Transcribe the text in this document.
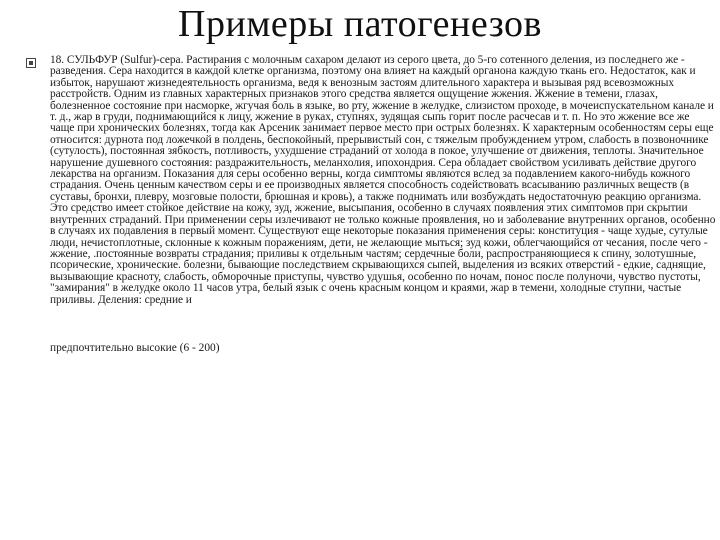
Примеры патогенезов

18. СУЛЬФУР (Sulfur)-сера. Растирания с молочным сахаром делают из серого цвета, до 5-го сотенного деления, из последнего же - разведения. Сера находится в каждой клетке организма, поэтому она влияет на каждый органона каждую ткань его. Недостаток, как и избыток, нарушают жизнедеятельность организма, ведя к венозным застоям длительного характера и вызывая ряд всевозможных расстройств. Одним из главных характерных признаков этого средства является ощущение жжения. Жжение в темени, глазах, болезненное состояние при насморке, жгучая боль в языке, во рту, жжение в желудке, слизистом проходе, в мочеиспускательном канале и т. д., жар в груди, поднимающийся к лицу, жжение в руках, ступнях, зудящая сыпь горит после расчесав и т. п. Но это жжение все же чаще при хронических болезнях, тогда как Арсеник занимает первое место при острых болезнях. К характерным особенностям серы еще относится: дурнота под ложечкой в полдень, беспокойный, прерывистый сон, с тяжелым пробуждением утром, слабость в позвоночнике (сутулость), постоянная зябкость, потливость, ухудшение страданий от холода в покое, улучшение от движения, теплоты. Значительное нарушение душевного состояния: раздражительность, меланхолия, ипохондрия. Сера обладает свойством усиливать действие другого лекарства на организм. Показания для серы особенно верны, когда симптомы являются вслед за подавлением какого-нибудь кожного страдания. Очень ценным качеством серы и ее производных является способность содействовать всасыванию различных веществ (в суставы, бронхи, плевру, мозговые полости, брюшная и кровь), а также поднимать или возбуждать недостаточную реакцию организма. Это средство имеет стойкое действие на кожу, зуд, жжение, высыпания, особенно в случаях появления этих симптомов при скрытии внутренних страданий. При применении серы излечивают не только кожные проявления, но и заболевание внутренних органов, особенно в случаях их подавления в первый момент. Существуют еще некоторые показания применения серы: конституция - чаще худые, сутулые люди, нечистоплотные, склонные к кожным поражениям, дети, не желающие мыться; зуд кожи, облегчающийся от чесания, после чего - жжение, .постоянные возвраты страдания; приливы к отдельным частям; сердечные боли, распространяющиеся к спину, золотушные, псорические, хронические. болезни, бывающие последствием скрывающихся сыпей, выделения из всяких отверстий - едкие, саднящие, вызывающие краснoту, слабость, обморочные приступы, чувство удушья, особенно по ночам, понос после полуночи, чувство пустоты, "замирания" в желудке около 11 часов утра, белый язык с очень красным концом и краями, жар в темени, холодные ступни, частые приливы. Деления: средние и

предпочтительно высокие (6 - 200)
